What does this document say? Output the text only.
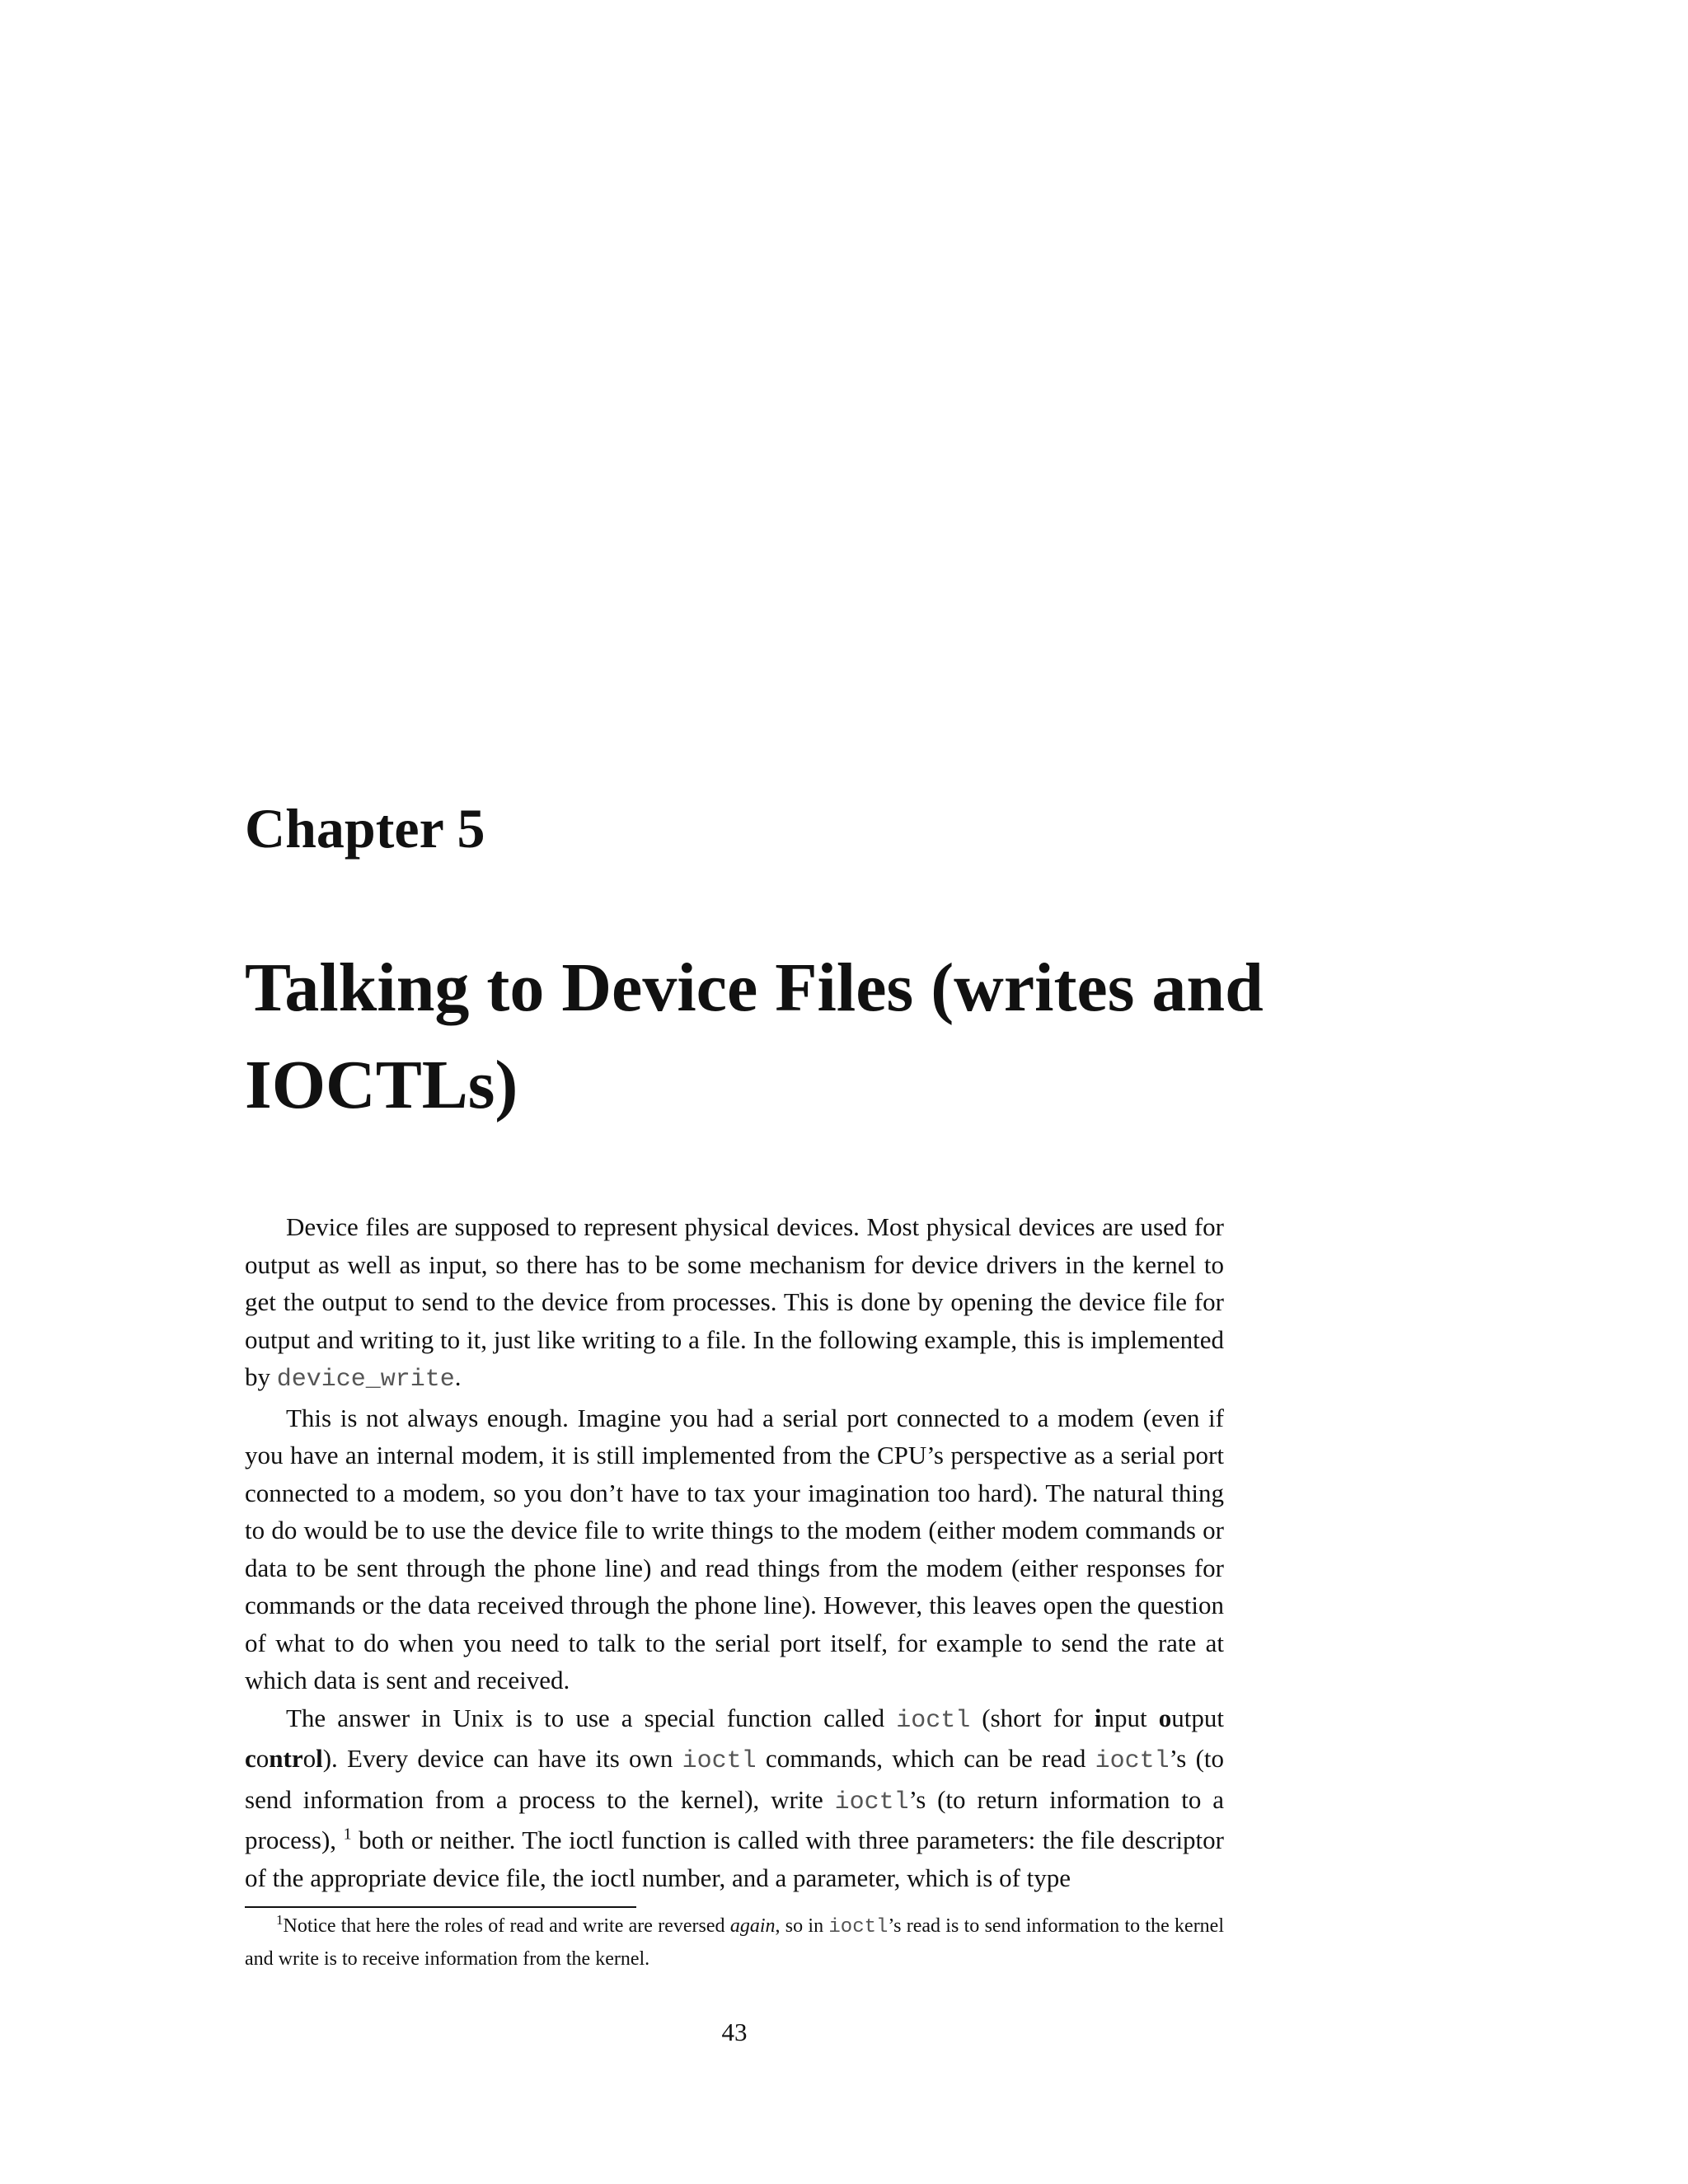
Chapter 5
Talking to Device Files (writes and IOCTLs)

Device files are supposed to represent physical devices. Most physical devices are used for output as well as input, so there has to be some mechanism for device drivers in the kernel to get the output to send to the device from processes. This is done by opening the device file for output and writing to it, just like writing to a file. In the following example, this is implemented by device_write.

This is not always enough. Imagine you had a serial port connected to a modem (even if you have an internal modem, it is still implemented from the CPU’s perspective as a serial port connected to a modem, so you don’t have to tax your imagination too hard). The natural thing to do would be to use the device file to write things to the modem (either modem commands or data to be sent through the phone line) and read things from the modem (either responses for commands or the data received through the phone line). However, this leaves open the question of what to do when you need to talk to the serial port itself, for example to send the rate at which data is sent and received.

The answer in Unix is to use a special function called ioctl (short for input output control). Every device can have its own ioctl commands, which can be read ioctl’s (to send information from a process to the kernel), write ioctl’s (to return information to a process), $^1$ both or neither. The ioctl function is called with three parameters: the file descriptor of the appropriate device file, the ioctl number, and a parameter, which is of type

$^1$Notice that here the roles of read and write are reversed again, so in ioctl’s read is to send information to the kernel and write is to receive information from the kernel.

43
